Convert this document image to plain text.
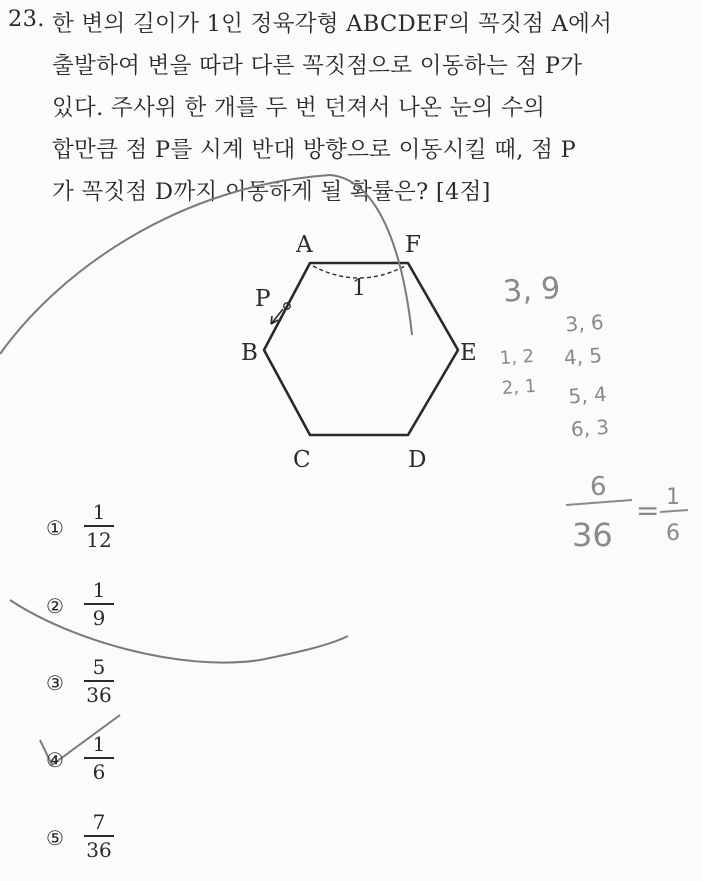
23. 한 변의 길이가 1인 정육각형 ABCDEF의 꼭짓점 A에서
출발하여 변을 따라 다른 꼭짓점으로 이동하는 점 P가
있다. 주사위 한 개를 두 번 던져서 나온 눈의 수의
합만큼 점 P를 시계 반대 방향으로 이동시킬 때, 점 P
가 꼭짓점 D까지 이동하게 될 확률은? [4점]
1
A	F
B	E
C	D
P	3, 9
3, 6
4, 5
1, 2
2, 1 5, 4
6, 3
6
36
= 1
6
①
1
12
②
1
9
③
5
36
④
1
6
⑤
7
36
